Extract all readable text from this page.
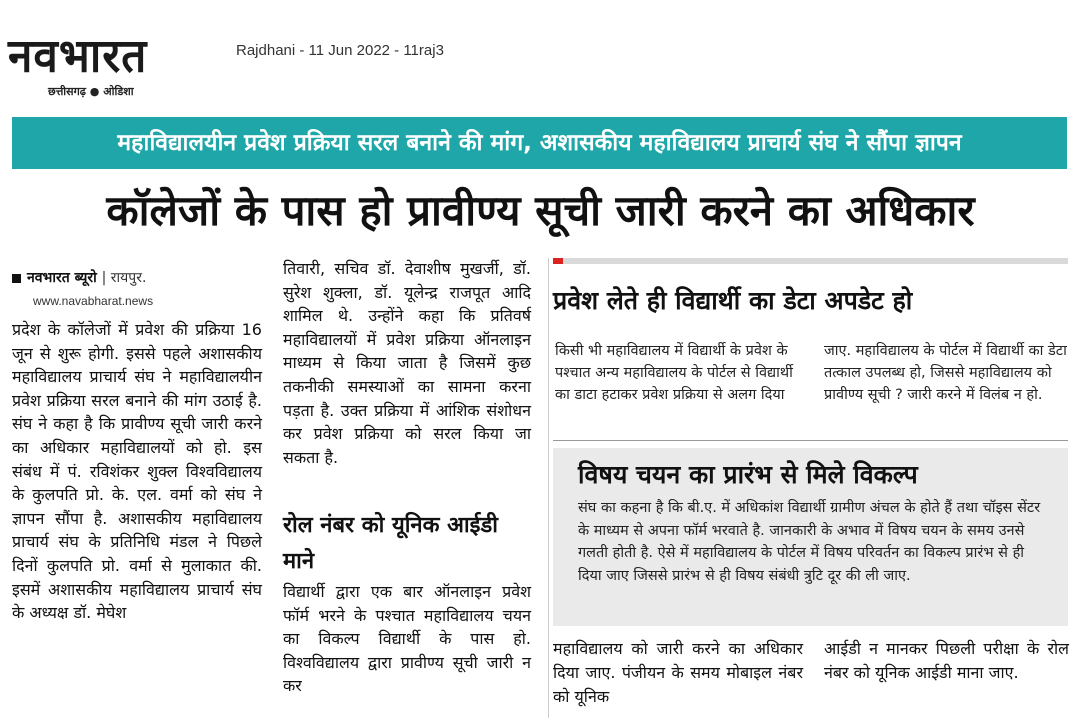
नवभारत
छत्तीसगढ़ ● ओडिशा
Rajdhani - 11 Jun 2022 - 11raj3
महाविद्यालयीन प्रवेश प्रक्रिया सरल बनाने की मांग, अशासकीय महाविद्यालय प्राचार्य संघ ने सौंपा ज्ञापन
कॉलेजों के पास हो प्रावीण्य सूची जारी करने का अधिकार
नवभारत ब्यूरो | रायपुर.
www.navabharat.news

प्रदेश के कॉलेजों में प्रवेश की प्रक्रिया 16 जून से शुरू होगी. इससे पहले अशासकीय महाविद्यालय प्राचार्य संघ ने महाविद्यालयीन प्रवेश प्रक्रिया सरल बनाने की मांग उठाई है. संघ ने कहा है कि प्रावीण्य सूची जारी करने का अधिकार महाविद्यालयों को हो. इस संबंध में पं. रविशंकर शुक्ल विश्वविद्यालय के कुलपति प्रो. के. एल. वर्मा को संघ ने ज्ञापन सौंपा है. अशासकीय महाविद्यालय प्राचार्य संघ के प्रतिनिधि मंडल ने पिछले दिनों कुलपति प्रो. वर्मा से मुलाकात की. इसमें अशासकीय महाविद्यालय प्राचार्य संघ के अध्यक्ष डॉ. मेघेश

तिवारी, सचिव डॉ. देवाशीष मुखर्जी, डॉ. सुरेश शुक्ला, डॉ. यूलेन्द्र राजपूत आदि शामिल थे. उन्होंने कहा कि प्रतिवर्ष महाविद्यालयों में प्रवेश प्रक्रिया ऑनलाइन माध्यम से किया जाता है जिसमें कुछ तकनीकी समस्याओं का सामना करना पड़ता है. उक्त प्रक्रिया में आंशिक संशोधन कर प्रवेश प्रक्रिया को सरल किया जा सकता है.

रोल नंबर को यूनिक आईडी माने

विद्यार्थी द्वारा एक बार ऑनलाइन प्रवेश फॉर्म भरने के पश्चात महाविद्यालय चयन का विकल्प विद्यार्थी के पास हो. विश्वविद्यालय द्वारा प्रावीण्य सूची जारी न कर

प्रवेश लेते ही विद्यार्थी का डेटा अपडेट हो
किसी भी महाविद्यालय में विद्यार्थी के प्रवेश के पश्चात अन्य महाविद्यालय के पोर्टल से विद्यार्थी का डाटा हटाकर प्रवेश प्रक्रिया से अलग दिया
जाए. महाविद्यालय के पोर्टल में विद्यार्थी का डेटा तत्काल उपलब्ध हो, जिससे महाविद्यालय को प्रावीण्य सूची ? जारी करने में विलंब न हो.
विषय चयन का प्रारंभ से मिले विकल्प
संघ का कहना है कि बी.ए. में अधिकांश विद्यार्थी ग्रामीण अंचल के होते हैं तथा चॉइस सेंटर के माध्यम से अपना फॉर्म भरवाते है. जानकारी के अभाव में विषय चयन के समय उनसे गलती होती है. ऐसे में महाविद्यालय के पोर्टल में विषय परिवर्तन का विकल्प प्रारंभ से ही दिया जाए जिससे प्रारंभ से ही विषय संबंधी त्रुटि दूर की ली जाए.
महाविद्यालय को जारी करने का अधिकार दिया जाए. पंजीयन के समय मोबाइल नंबर को यूनिक
आईडी न मानकर पिछली परीक्षा के रोल नंबर को यूनिक आईडी माना जाए.
